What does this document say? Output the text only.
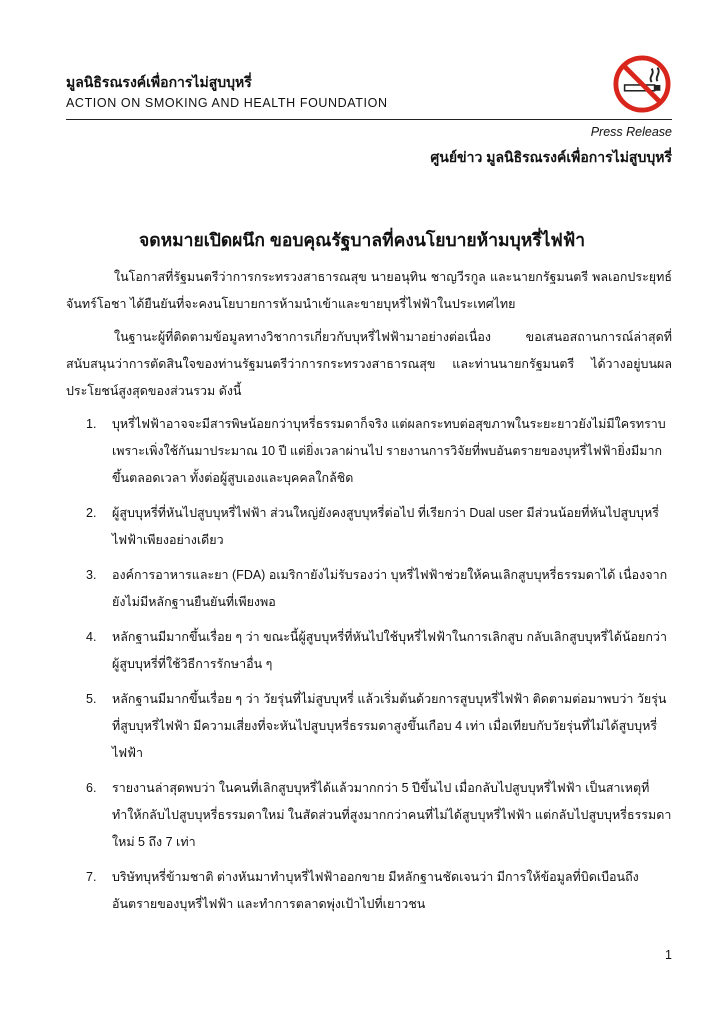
มูลนิธิรณรงค์เพื่อการไม่สูบบุหรี่
ACTION ON SMOKING AND HEALTH FOUNDATION
Press Release
ศูนย์ข่าว มูลนิธิรณรงค์เพื่อการไม่สูบบุหรี่
จดหมายเปิดผนึก ขอบคุณรัฐบาลที่คงนโยบายห้ามบุหรี่ไฟฟ้า

ในโอกาสที่รัฐมนตรีว่าการกระทรวงสาธารณสุข นายอนุทิน ชาญวีรกูล และนายกรัฐมนตรี พลเอกประยุทธ์ จันทร์โอชา ได้ยืนยันที่จะคงนโยบายการห้ามนำเข้าและขายบุหรี่ไฟฟ้าในประเทศไทย

ในฐานะผู้ที่ติดตามข้อมูลทางวิชาการเกี่ยวกับบุหรี่ไฟฟ้ามาอย่างต่อเนื่อง ขอเสนอสถานการณ์ล่าสุดที่สนับสนุนว่าการตัดสินใจของท่านรัฐมนตรีว่าการกระทรวงสาธารณสุข และท่านนายกรัฐมนตรี ได้วางอยู่บนผลประโยชน์สูงสุดของส่วนรวม ดังนี้

1. บุหรี่ไฟฟ้าอาจจะมีสารพิษน้อยกว่าบุหรี่ธรรมดาก็จริง แต่ผลกระทบต่อสุขภาพในระยะยาวยังไม่มีใครทราบ เพราะเพิ่งใช้กันมาประมาณ 10 ปี แต่ยิ่งเวลาผ่านไป รายงานการวิจัยที่พบอันตรายของบุหรี่ไฟฟ้ายิ่งมีมากขึ้นตลอดเวลา ทั้งต่อผู้สูบเองและบุคคลใกล้ชิด
2. ผู้สูบบุหรี่ที่หันไปสูบบุหรี่ไฟฟ้า ส่วนใหญ่ยังคงสูบบุหรี่ต่อไป ที่เรียกว่า Dual user มีส่วนน้อยที่หันไปสูบบุหรี่ไฟฟ้าเพียงอย่างเดียว
3. องค์การอาหารและยา (FDA) อเมริกายังไม่รับรองว่า บุหรี่ไฟฟ้าช่วยให้คนเลิกสูบบุหรี่ธรรมดาได้ เนื่องจากยังไม่มีหลักฐานยืนยันที่เพียงพอ
4. หลักฐานมีมากขึ้นเรื่อย ๆ ว่า ขณะนี้ผู้สูบบุหรี่ที่หันไปใช้บุหรี่ไฟฟ้าในการเลิกสูบ กลับเลิกสูบบุหรี่ได้น้อยกว่าผู้สูบบุหรี่ที่ใช้วิธีการรักษาอื่น ๆ
5. หลักฐานมีมากขึ้นเรื่อย ๆ ว่า วัยรุ่นที่ไม่สูบบุหรี่ แล้วเริ่มต้นด้วยการสูบบุหรี่ไฟฟ้า ติดตามต่อมาพบว่า วัยรุ่นที่สูบบุหรี่ไฟฟ้า มีความเสี่ยงที่จะหันไปสูบบุหรี่ธรรมดาสูงขึ้นเกือบ 4 เท่า เมื่อเทียบกับวัยรุ่นที่ไม่ได้สูบบุหรี่ไฟฟ้า
6. รายงานล่าสุดพบว่า ในคนที่เลิกสูบบุหรี่ได้แล้วมากกว่า 5 ปีขึ้นไป เมื่อกลับไปสูบบุหรี่ไฟฟ้า เป็นสาเหตุที่ทำให้กลับไปสูบบุหรี่ธรรมดาใหม่ ในสัดส่วนที่สูงมากกว่าคนที่ไม่ได้สูบบุหรี่ไฟฟ้า แต่กลับไปสูบบุหรี่ธรรมดาใหม่ 5 ถึง 7 เท่า
7. บริษัทบุหรี่ข้ามชาติ ต่างหันมาทำบุหรี่ไฟฟ้าออกขาย มีหลักฐานชัดเจนว่า มีการให้ข้อมูลที่บิดเบือนถึงอันตรายของบุหรี่ไฟฟ้า และทำการตลาดพุ่งเป้าไปที่เยาวชน
1
